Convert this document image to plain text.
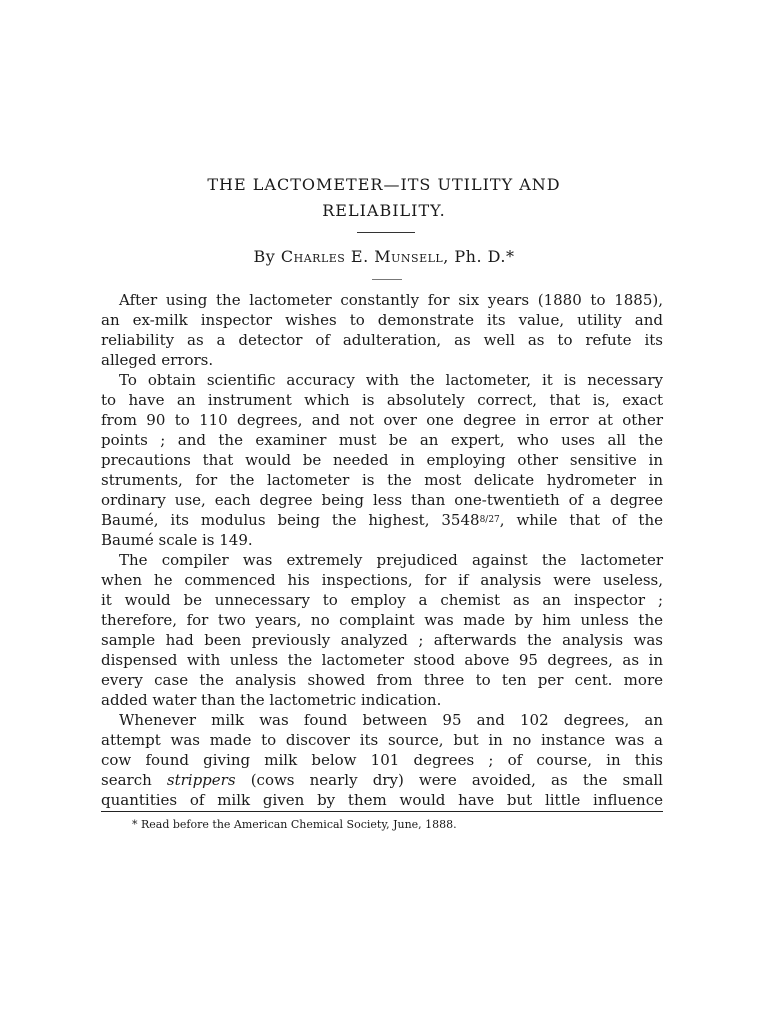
THE LACTOMETER—ITS UTILITY AND
RELIABILITY.
By Charles E. Munsell, Ph. D.*
After using the lactometer constantly for six years (1880 to 1885),
an ex-milk inspector wishes to demonstrate its value, utility and
reliability as a detector of adulteration, as well as to refute its
alleged errors.
To obtain scientific accuracy with the lactometer, it is necessary
to have an instrument which is absolutely correct, that is, exact
from 90 to 110 degrees, and not over one degree in error at other
points ; and the examiner must be an expert, who uses all the
precautions that would be needed in employing other sensitive in
struments, for the lactometer is the most delicate hydrometer in
ordinary use, each degree being less than one-twentieth of a degree
Baumé, its modulus being the highest, $3548^{8/27}$, while that of the
Baumé scale is 149.
The compiler was extremely prejudiced against the lactometer
when he commenced his inspections, for if analysis were useless,
it would be unnecessary to employ a chemist as an inspector ;
therefore, for two years, no complaint was made by him unless the
sample had been previously analyzed ; afterwards the analysis was
dispensed with unless the lactometer stood above 95 degrees, as in
every case the analysis showed from three to ten per cent. more
added water than the lactometric indication.
Whenever milk was found between 95 and 102 degrees, an
attempt was made to discover its source, but in no instance was a
cow found giving milk below 101 degrees ; of course, in this
search strippers (cows nearly dry) were avoided, as the small
quantities of milk given by them would have but little influence
* Read before the American Chemical Society, June, 1888.
